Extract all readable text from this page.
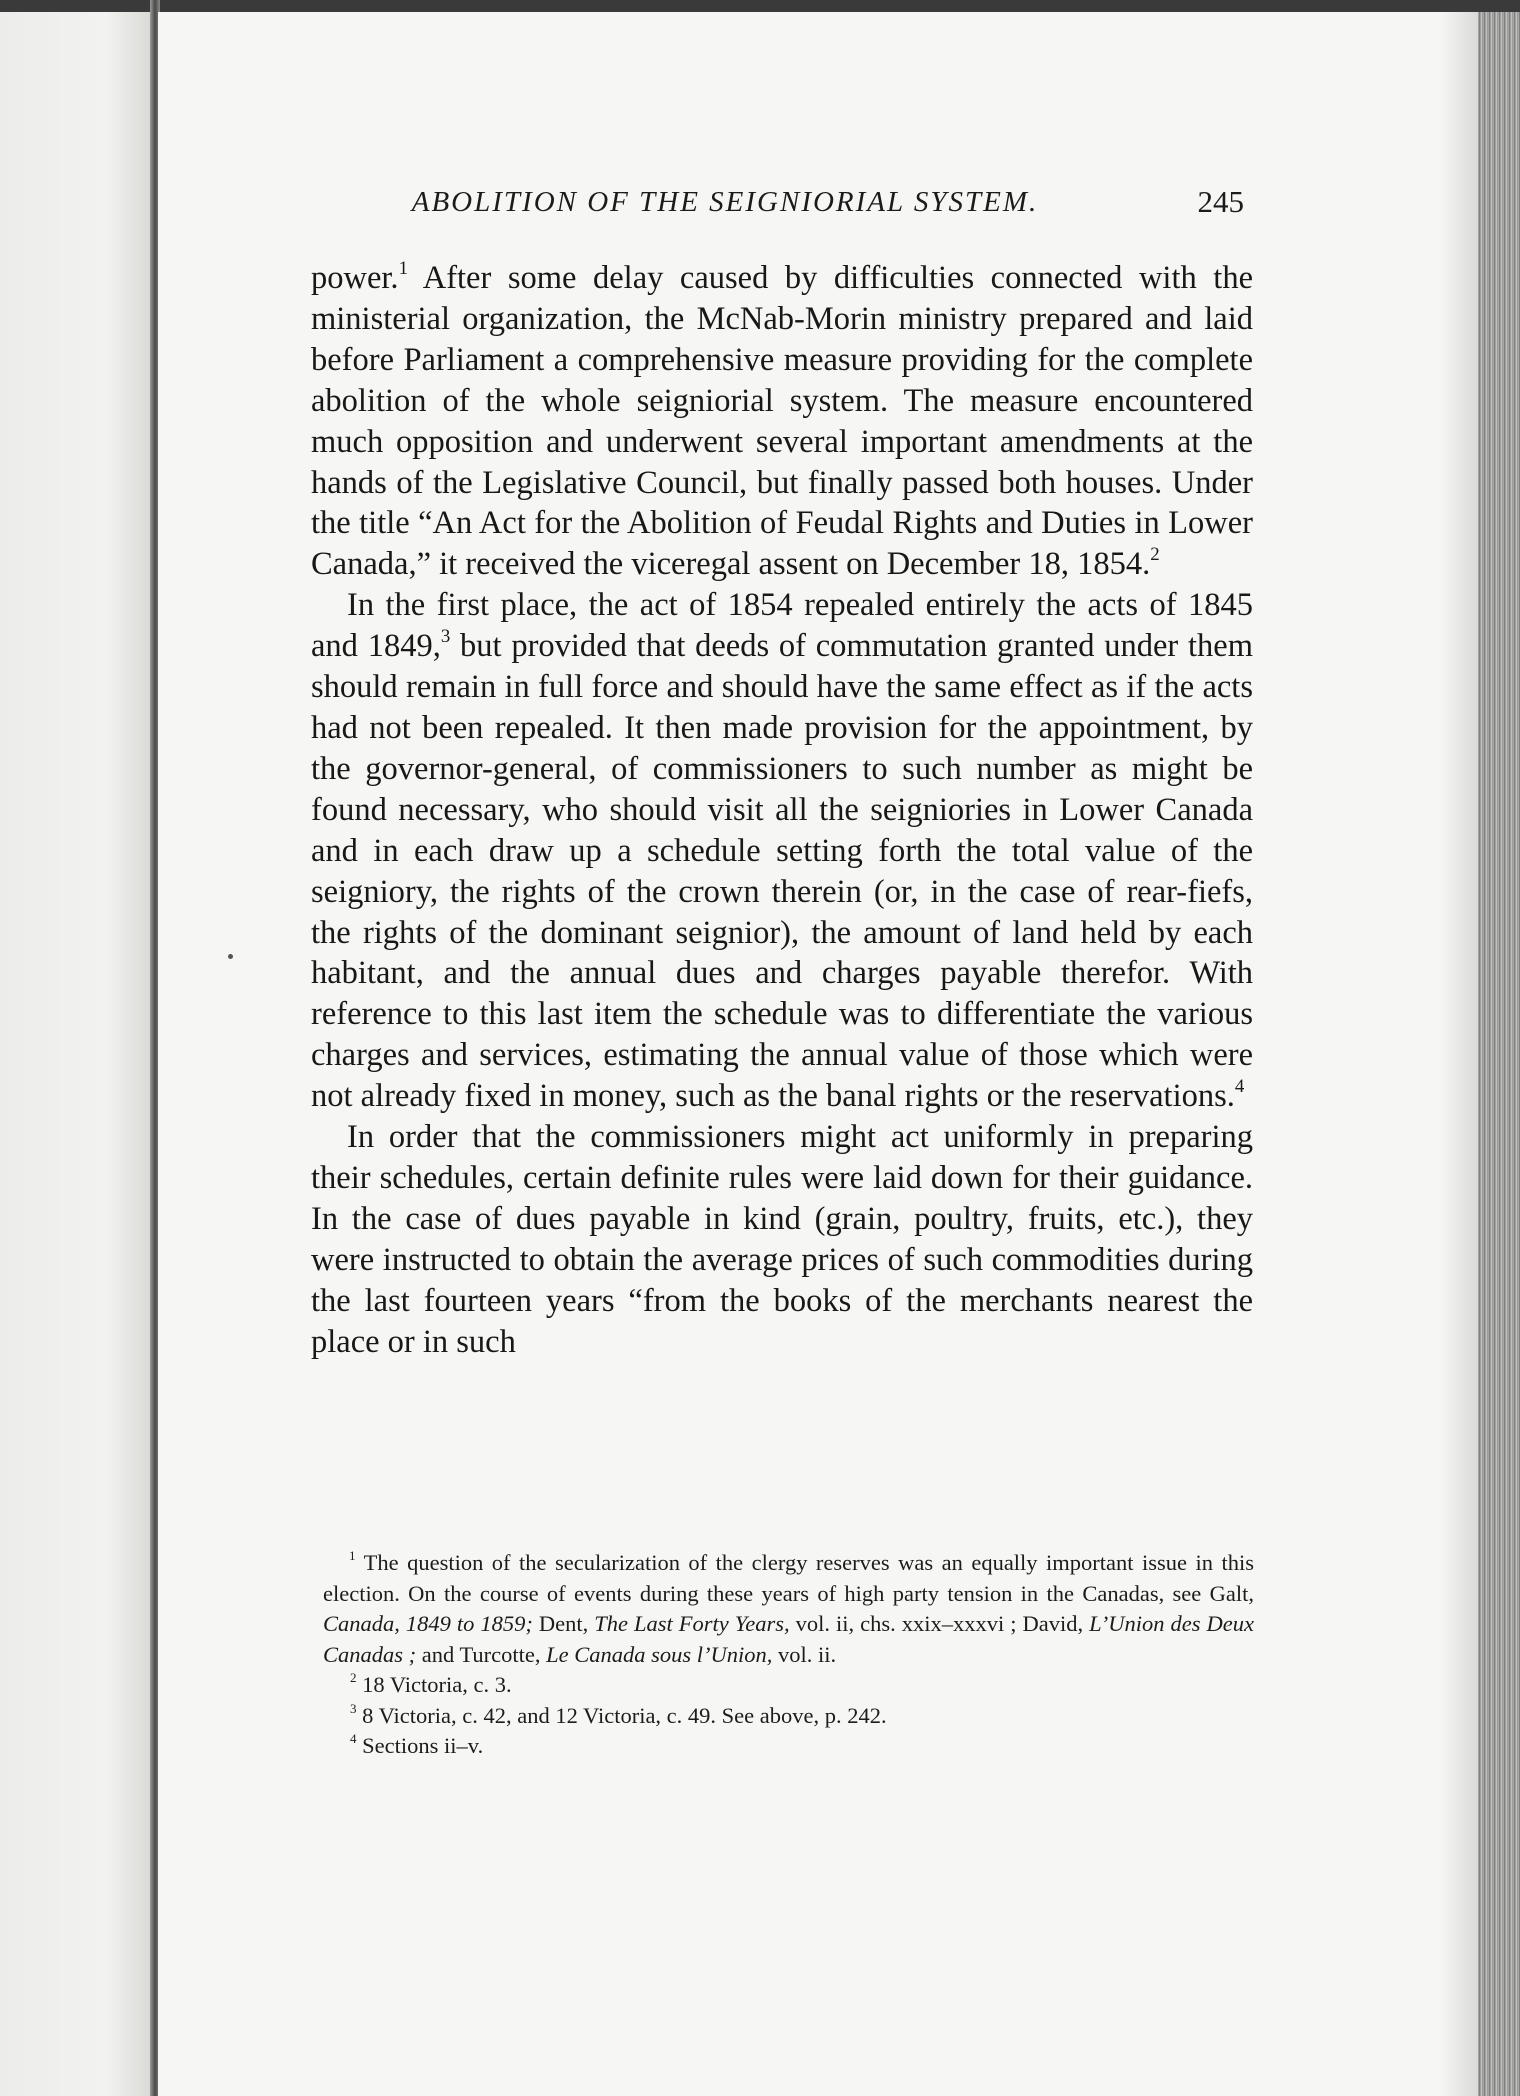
ABOLITION OF THE SEIGNIORIAL SYSTEM.	245

power.$^1$ After some delay caused by difficulties connected with the ministerial organization, the McNab-Morin ministry prepared and laid before Parliament a comprehensive measure providing for the complete abolition of the whole seigniorial system. The measure encountered much opposition and underwent several important amendments at the hands of the Legislative Council, but finally passed both houses. Under the title “An Act for the Abolition of Feudal Rights and Duties in Lower Canada,” it received the viceregal assent on December 18, 1854.$^2$

In the first place, the act of 1854 repealed entirely the acts of 1845 and 1849,$^3$ but provided that deeds of commutation granted under them should remain in full force and should have the same effect as if the acts had not been repealed. It then made provision for the appointment, by the governor-general, of commissioners to such number as might be found necessary, who should visit all the seigniories in Lower Canada and in each draw up a schedule setting forth the total value of the seigniory, the rights of the crown therein (or, in the case of rear-fiefs, the rights of the dominant seignior), the amount of land held by each habitant, and the annual dues and charges payable therefor. With reference to this last item the schedule was to differentiate the various charges and services, estimating the annual value of those which were not already fixed in money, such as the banal rights or the reservations.$^4$

In order that the commissioners might act uniformly in preparing their schedules, certain definite rules were laid down for their guidance. In the case of dues payable in kind (grain, poultry, fruits, etc.), they were instructed to obtain the average prices of such commodities during the last fourteen years “from the books of the merchants nearest the place or in such

$^1$ The question of the secularization of the clergy reserves was an equally important issue in this election. On the course of events during these years of high party tension in the Canadas, see Galt, Canada, 1849 to 1859; Dent, The Last Forty Years, vol. ii, chs. xxix–xxxvi ; David, L’Union des Deux Canadas ; and Turcotte, Le Canada sous l’Union, vol. ii.

$^2$ 18 Victoria, c. 3.

$^3$ 8 Victoria, c. 42, and 12 Victoria, c. 49. See above, p. 242.

$^4$ Sections ii–v.
